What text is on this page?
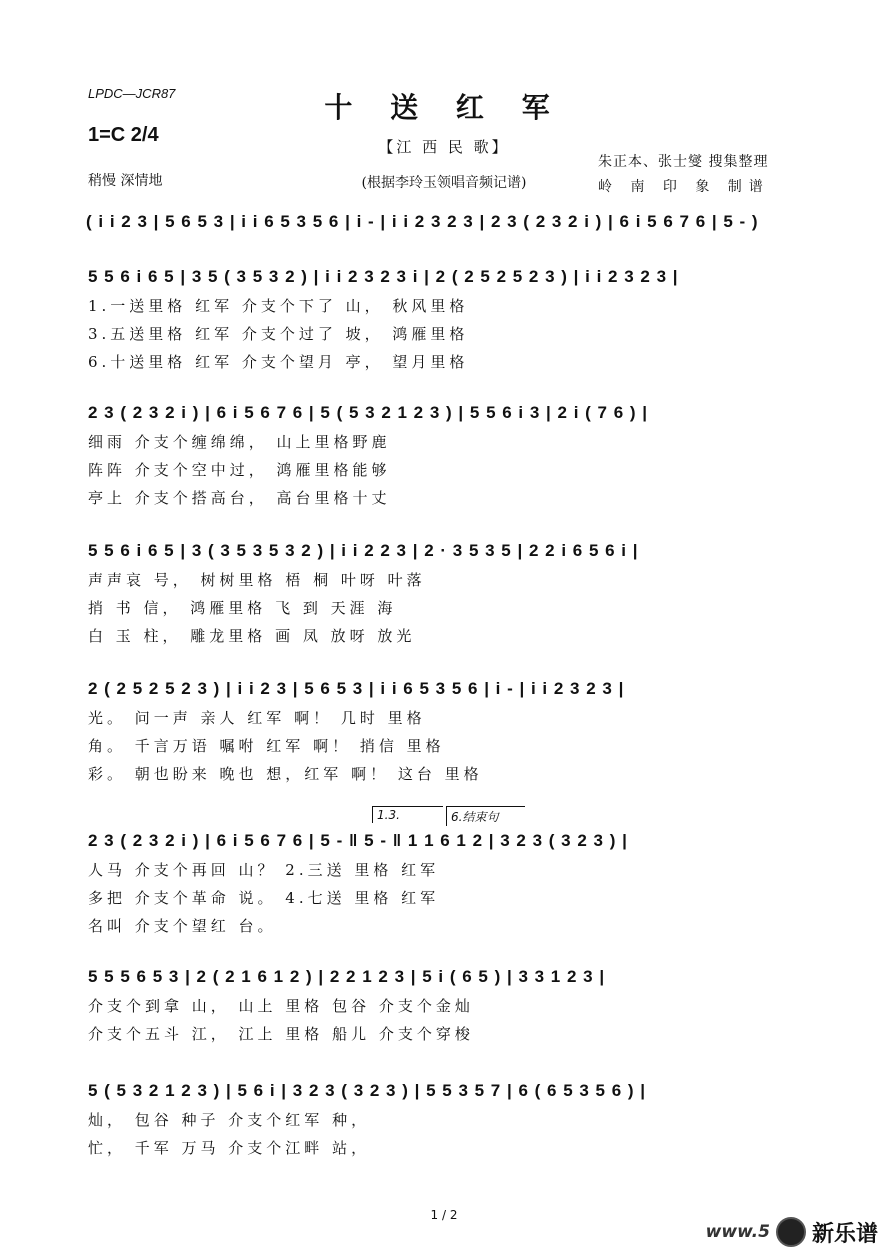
LPDC—JCR87	十 送 红 军
1=C 2/4
【江 西 民 歌】
朱正本、张士燮 搜集整理
稍慢 深情地	(根据李玲玉领唱音频记谱)	岭 南 印 象 制谱
( i i 2 3 | 5 6 5 3 | i i 6 5 3 5 6 | i - | i i 2 3 2 3 | 2 3 ( 2 3 2 i ) | 6 i 5 6 7 6 | 5 - )
5 5 6 i 6 5 | 3 5 ( 3 5 3 2 ) | i i 2 3 2 3 i | 2 ( 2 5 2 5 2 3 ) | i i 2 3 2 3 |
1.一送里格 红军 介支个下了 山， 秋风里格
3.五送里格 红军 介支个过了 坡， 鸿雁里格
6.十送里格 红军 介支个望月 亭， 望月里格
2 3 ( 2 3 2 i ) | 6 i 5 6 7 6 | 5 ( 5 3 2 1 2 3 ) | 5 5 6 i 3 | 2 i ( 7 6 ) |
细雨 介支个缠绵绵， 山上里格野鹿
阵阵 介支个空中过， 鸿雁里格能够
亭上 介支个搭高台， 高台里格十丈
5 5 6 i 6 5 | 3 ( 3 5 3 5 3 2 ) | i i 2 2 3 | 2 · 3 5 3 5 | 2 2 i 6 5 6 i |
声声哀 号， 树树里格 梧 桐 叶呀 叶落
捎 书 信， 鸿雁里格 飞 到 天涯 海
白 玉 柱， 雕龙里格 画 凤 放呀 放光
2 ( 2 5 2 5 2 3 ) | i i 2 3 | 5 6 5 3 | i i 6 5 3 5 6 | i - | i i 2 3 2 3 |
光。 问一声 亲人 红军 啊！ 几时 里格
角。 千言万语 嘱咐 红军 啊！ 捎信 里格
彩。 朝也盼来 晚也 想，红军 啊！ 这台 里格
1.3.	6.结束句
2 3 ( 2 3 2 i ) | 6 i 5 6 7 6 | 5 - ‖ 5 - ‖ 1 1 6 1 2 | 3 2 3 ( 3 2 3 ) |
人马 介支个再回 山？ 2.三送 里格 红军
多把 介支个革命 说。 4.七送 里格 红军
名叫 介支个望红 台。
5 5 5 6 5 3 | 2 ( 2 1 6 1 2 ) | 2 2 1 2 3 | 5 i ( 6 5 ) | 3 3 1 2 3 |
介支个到拿 山， 山上 里格 包谷 介支个金灿
介支个五斗 江， 江上 里格 船儿 介支个穿梭
5 ( 5 3 2 1 2 3 ) | 5 6 i | 3 2 3 ( 3 2 3 ) | 5 5 3 5 7 | 6 ( 6 5 3 5 6 ) |
灿， 包谷 种子 介支个红军 种，
忙， 千军 万马 介支个江畔 站，
1 / 2
www.5 新乐谱
